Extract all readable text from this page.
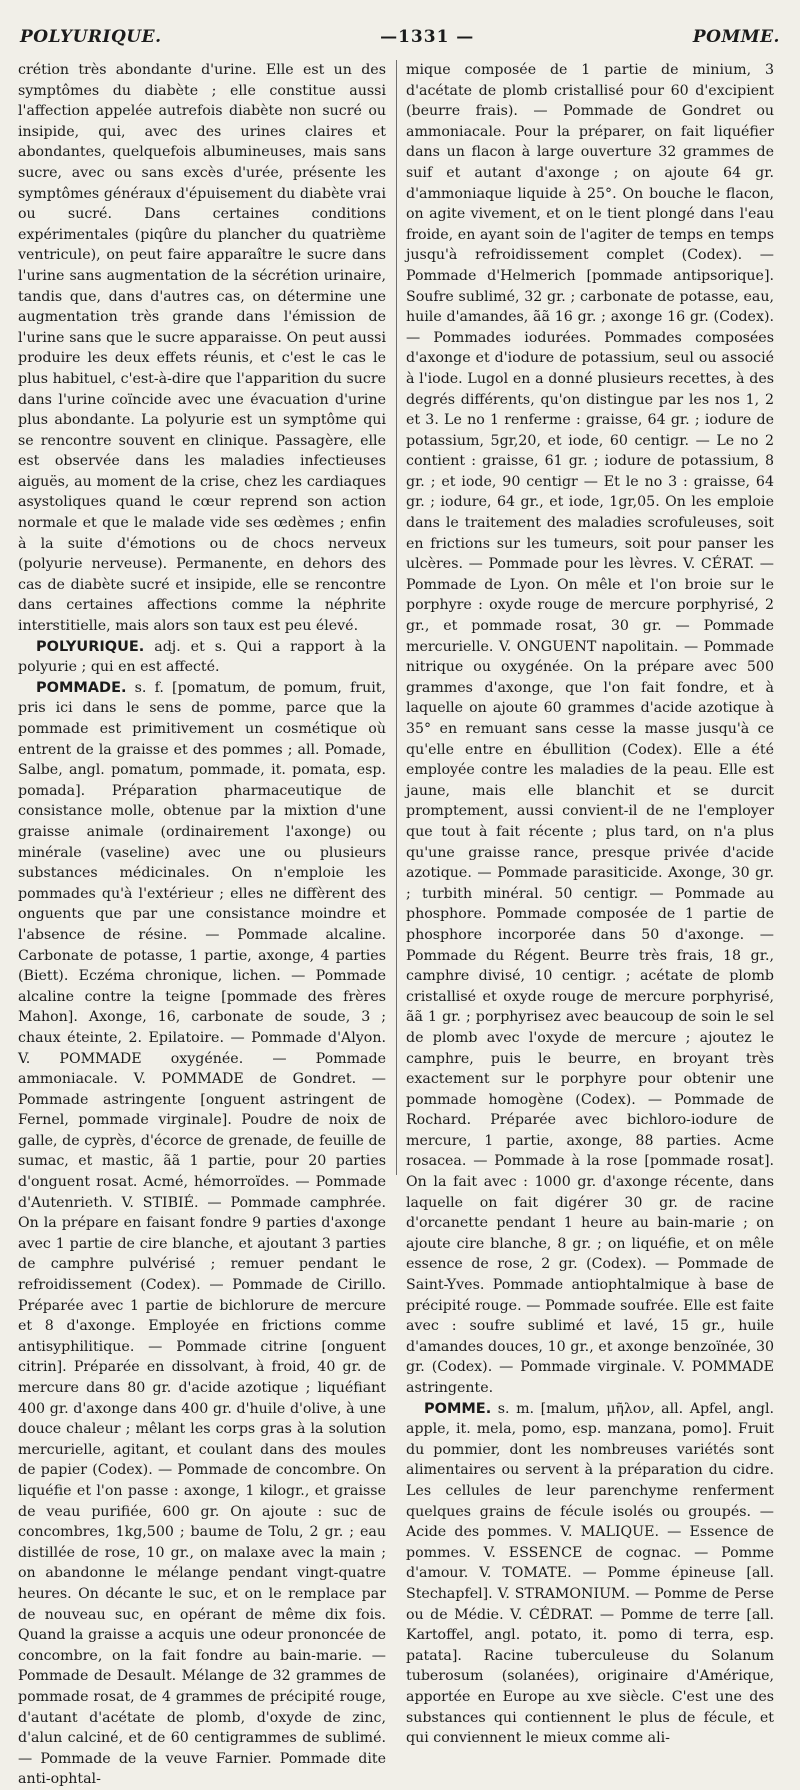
POLYURIQUE.	—1331 —	POMME.

crétion très abondante d'urine. Elle est un des symptômes du diabète ; elle constitue aussi l'affection appelée autrefois diabète non sucré ou insipide, qui, avec des urines claires et abondantes, quelquefois albumineuses, mais sans sucre, avec ou sans excès d'urée, présente les symptômes généraux d'épuisement du diabète vrai ou sucré. Dans certaines conditions expérimentales (piqûre du plancher du quatrième ventricule), on peut faire apparaître le sucre dans l'urine sans augmentation de la sécrétion urinaire, tandis que, dans d'autres cas, on détermine une augmentation très grande dans l'émission de l'urine sans que le sucre apparaisse. On peut aussi produire les deux effets réunis, et c'est le cas le plus habituel, c'est-à-dire que l'apparition du sucre dans l'urine coïncide avec une évacuation d'urine plus abondante. La polyurie est un symptôme qui se rencontre souvent en clinique. Passagère, elle est observée dans les maladies infectieuses aiguës, au moment de la crise, chez les cardiaques asystoliques quand le cœur reprend son action normale et que le malade vide ses œdèmes ; enfin à la suite d'émotions ou de chocs nerveux (polyurie nerveuse). Permanente, en dehors des cas de diabète sucré et insipide, elle se rencontre dans certaines affections comme la néphrite interstitielle, mais alors son taux est peu élevé.

POLYURIQUE. adj. et s. Qui a rapport à la polyurie ; qui en est affecté.

POMMADE. s. f. [pomatum, de pomum, fruit, pris ici dans le sens de pomme, parce que la pommade est primitivement un cosmétique où entrent de la graisse et des pommes ; all. Pomade, Salbe, angl. pomatum, pommade, it. pomata, esp. pomada]. Préparation pharmaceutique de consistance molle, obtenue par la mixtion d'une graisse animale (ordinairement l'axonge) ou minérale (vaseline) avec une ou plusieurs substances médicinales. On n'emploie les pommades qu'à l'extérieur ; elles ne diffèrent des onguents que par une consistance moindre et l'absence de résine. — Pommade alcaline. Carbonate de potasse, 1 partie, axonge, 4 parties (Biett). Eczéma chronique, lichen. — Pommade alcaline contre la teigne [pommade des frères Mahon]. Axonge, 16, carbonate de soude, 3 ; chaux éteinte, 2. Epilatoire. — Pommade d'Alyon. V. POMMADE oxygénée. — Pommade ammoniacale. V. POMMADE de Gondret. — Pommade astringente [onguent astringent de Fernel, pommade virginale]. Poudre de noix de galle, de cyprès, d'écorce de grenade, de feuille de sumac, et mastic, ãã 1 partie, pour 20 parties d'onguent rosat. Acmé, hémorroïdes. — Pommade d'Autenrieth. V. STIBIÉ. — Pommade camphrée. On la prépare en faisant fondre 9 parties d'axonge avec 1 partie de cire blanche, et ajoutant 3 parties de camphre pulvérisé ; remuer pendant le refroidissement (Codex). — Pommade de Cirillo. Préparée avec 1 partie de bichlorure de mercure et 8 d'axonge. Employée en frictions comme antisyphilitique. — Pommade citrine [onguent citrin]. Préparée en dissolvant, à froid, 40 gr. de mercure dans 80 gr. d'acide azotique ; liquéfiant 400 gr. d'axonge dans 400 gr. d'huile d'olive, à une douce chaleur ; mêlant les corps gras à la solution mercurielle, agitant, et coulant dans des moules de papier (Codex). — Pommade de concombre. On liquéfie et l'on passe : axonge, 1 kilogr., et graisse de veau purifiée, 600 gr. On ajoute : suc de concombres, 1kg,500 ; baume de Tolu, 2 gr. ; eau distillée de rose, 10 gr., on malaxe avec la main ; on abandonne le mélange pendant vingt-quatre heures. On décante le suc, et on le remplace par de nouveau suc, en opérant de même dix fois. Quand la graisse a acquis une odeur prononcée de concombre, on la fait fondre au bain-marie. — Pommade de Desault. Mélange de 32 grammes de pommade rosat, de 4 grammes de précipité rouge, d'autant d'acétate de plomb, d'oxyde de zinc, d'alun calciné, et de 60 centigrammes de sublimé. — Pommade de la veuve Farnier. Pommade dite anti-ophtal-

mique composée de 1 partie de minium, 3 d'acétate de plomb cristallisé pour 60 d'excipient (beurre frais). — Pommade de Gondret ou ammoniacale. Pour la préparer, on fait liquéfier dans un flacon à large ouverture 32 grammes de suif et autant d'axonge ; on ajoute 64 gr. d'ammoniaque liquide à 25°. On bouche le flacon, on agite vivement, et on le tient plongé dans l'eau froide, en ayant soin de l'agiter de temps en temps jusqu'à refroidissement complet (Codex). — Pommade d'Helmerich [pommade antipsorique]. Soufre sublimé, 32 gr. ; carbonate de potasse, eau, huile d'amandes, ãã 16 gr. ; axonge 16 gr. (Codex). — Pommades iodurées. Pommades composées d'axonge et d'iodure de potassium, seul ou associé à l'iode. Lugol en a donné plusieurs recettes, à des degrés différents, qu'on distingue par les nos 1, 2 et 3. Le no 1 renferme : graisse, 64 gr. ; iodure de potassium, 5gr,20, et iode, 60 centigr. — Le no 2 contient : graisse, 61 gr. ; iodure de potassium, 8 gr. ; et iode, 90 centigr — Et le no 3 : graisse, 64 gr. ; iodure, 64 gr., et iode, 1gr,05. On les emploie dans le traitement des maladies scrofuleuses, soit en frictions sur les tumeurs, soit pour panser les ulcères. — Pommade pour les lèvres. V. CÉRAT. — Pommade de Lyon. On mêle et l'on broie sur le porphyre : oxyde rouge de mercure porphyrisé, 2 gr., et pommade rosat, 30 gr. — Pommade mercurielle. V. ONGUENT napolitain. — Pommade nitrique ou oxygénée. On la prépare avec 500 grammes d'axonge, que l'on fait fondre, et à laquelle on ajoute 60 grammes d'acide azotique à 35° en remuant sans cesse la masse jusqu'à ce qu'elle entre en ébullition (Codex). Elle a été employée contre les maladies de la peau. Elle est jaune, mais elle blanchit et se durcit promptement, aussi convient-il de ne l'employer que tout à fait récente ; plus tard, on n'a plus qu'une graisse rance, presque privée d'acide azotique. — Pommade parasiticide. Axonge, 30 gr. ; turbith minéral. 50 centigr. — Pommade au phosphore. Pommade composée de 1 partie de phosphore incorporée dans 50 d'axonge. — Pommade du Régent. Beurre très frais, 18 gr., camphre divisé, 10 centigr. ; acétate de plomb cristallisé et oxyde rouge de mercure porphyrisé, ãã 1 gr. ; porphyrisez avec beaucoup de soin le sel de plomb avec l'oxyde de mercure ; ajoutez le camphre, puis le beurre, en broyant très exactement sur le porphyre pour obtenir une pommade homogène (Codex). — Pommade de Rochard. Préparée avec bichloro-iodure de mercure, 1 partie, axonge, 88 parties. Acme rosacea. — Pommade à la rose [pommade rosat]. On la fait avec : 1000 gr. d'axonge récente, dans laquelle on fait digérer 30 gr. de racine d'orcanette pendant 1 heure au bain-marie ; on ajoute cire blanche, 8 gr. ; on liquéfie, et on mêle essence de rose, 2 gr. (Codex). — Pommade de Saint-Yves. Pommade antiophtalmique à base de précipité rouge. — Pommade soufrée. Elle est faite avec : soufre sublimé et lavé, 15 gr., huile d'amandes douces, 10 gr., et axonge benzoïnée, 30 gr. (Codex). — Pommade virginale. V. POMMADE astringente.

POMME. s. m. [malum, μῆλον, all. Apfel, angl. apple, it. mela, pomo, esp. manzana, pomo]. Fruit du pommier, dont les nombreuses variétés sont alimentaires ou servent à la préparation du cidre. Les cellules de leur parenchyme renferment quelques grains de fécule isolés ou groupés. — Acide des pommes. V. MALIQUE. — Essence de pommes. V. ESSENCE de cognac. — Pomme d'amour. V. TOMATE. — Pomme épineuse [all. Stechapfel]. V. STRAMONIUM. — Pomme de Perse ou de Médie. V. CÉDRAT. — Pomme de terre [all. Kartoffel, angl. potato, it. pomo di terra, esp. patata]. Racine tuberculeuse du Solanum tuberosum (solanées), originaire d'Amérique, apportée en Europe au xve siècle. C'est une des substances qui contiennent le plus de fécule, et qui conviennent le mieux comme ali-
